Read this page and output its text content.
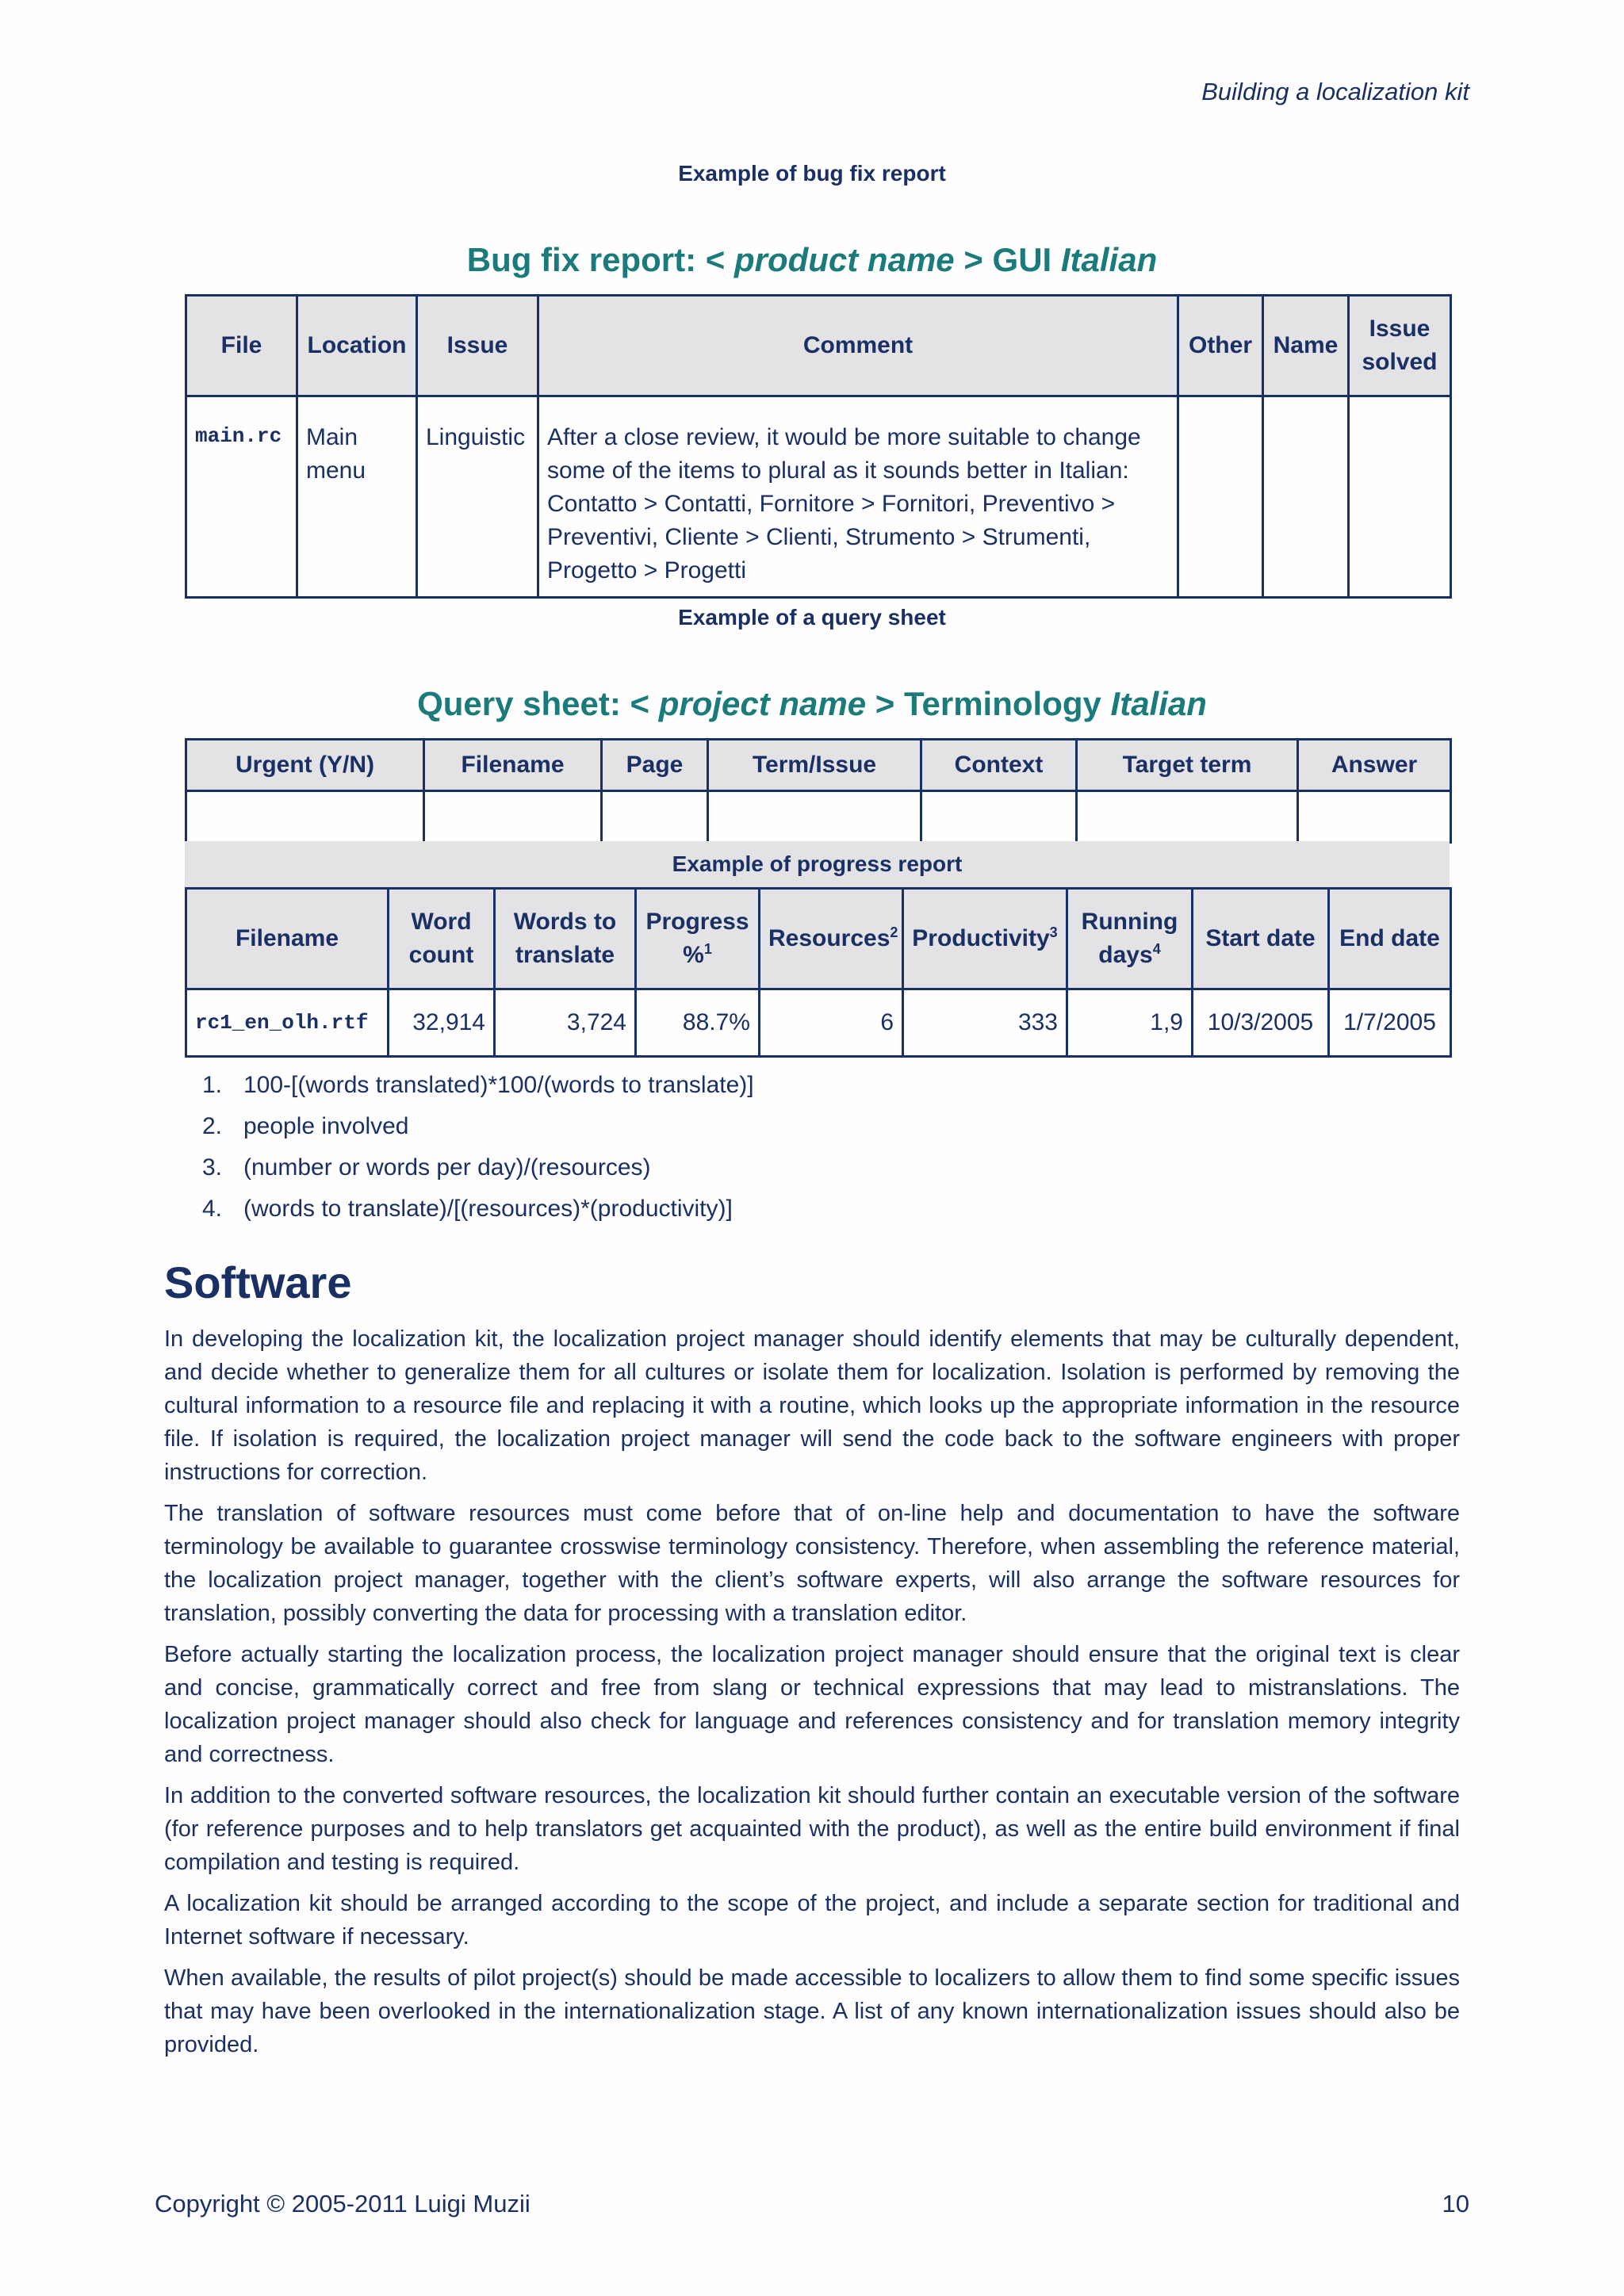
Building a localization kit
Example of bug fix report
Bug fix report: < product name > GUI Italian
File	Location	Issue	Comment	Other	Name	Issue solved
main.rc	Main menu	Linguistic	After a close review, it would be more suitable to change some of the items to plural as it sounds better in Italian: Contatto > Contatti, Fornitore > Fornitori, Preventivo > Preventivi, Cliente > Clienti, Strumento > Strumenti, Progetto > Progetti			
Example of a query sheet
Query sheet: < project name > Terminology Italian
Urgent (Y/N)	Filename	Page	Term/Issue	Context	Target term	Answer

Example of progress report
Filename	Word count	Words to translate	Progress %$^1$	Resources$^2$	Productivity$^3$	Running days$^4$	Start date	End date
rc1_en_olh.rtf	32,914	3,724	88.7%	6	333	1,9	10/3/2005	1/7/2005
1. 100-[(words translated)*100/(words to translate)]
2. people involved
3. (number or words per day)/(resources)
4. (words to translate)/[(resources)*(productivity)]
Software

In developing the localization kit, the localization project manager should identify elements that may be culturally dependent, and decide whether to generalize them for all cultures or isolate them for localization. Isolation is performed by removing the cultural information to a resource file and replacing it with a routine, which looks up the appropriate information in the resource file. If isolation is required, the localization project manager will send the code back to the software engineers with proper instructions for correction.

The translation of software resources must come before that of on-line help and documentation to have the software terminology be available to guarantee crosswise terminology consistency. Therefore, when assembling the reference material, the localization project manager, together with the client’s software experts, will also arrange the software resources for translation, possibly converting the data for processing with a translation editor.

Before actually starting the localization process, the localization project manager should ensure that the original text is clear and concise, grammatically correct and free from slang or technical expressions that may lead to mistranslations. The localization project manager should also check for language and references consistency and for translation memory integrity and correctness.

In addition to the converted software resources, the localization kit should further contain an executable version of the software (for reference purposes and to help translators get acquainted with the product), as well as the entire build environment if final compilation and testing is required.

A localization kit should be arranged according to the scope of the project, and include a separate section for traditional and Internet software if necessary.

When available, the results of pilot project(s) should be made accessible to localizers to allow them to find some specific issues that may have been overlooked in the internationalization stage. A list of any known internationalization issues should also be provided.

Copyright © 2005-2011 Luigi Muzii	10
